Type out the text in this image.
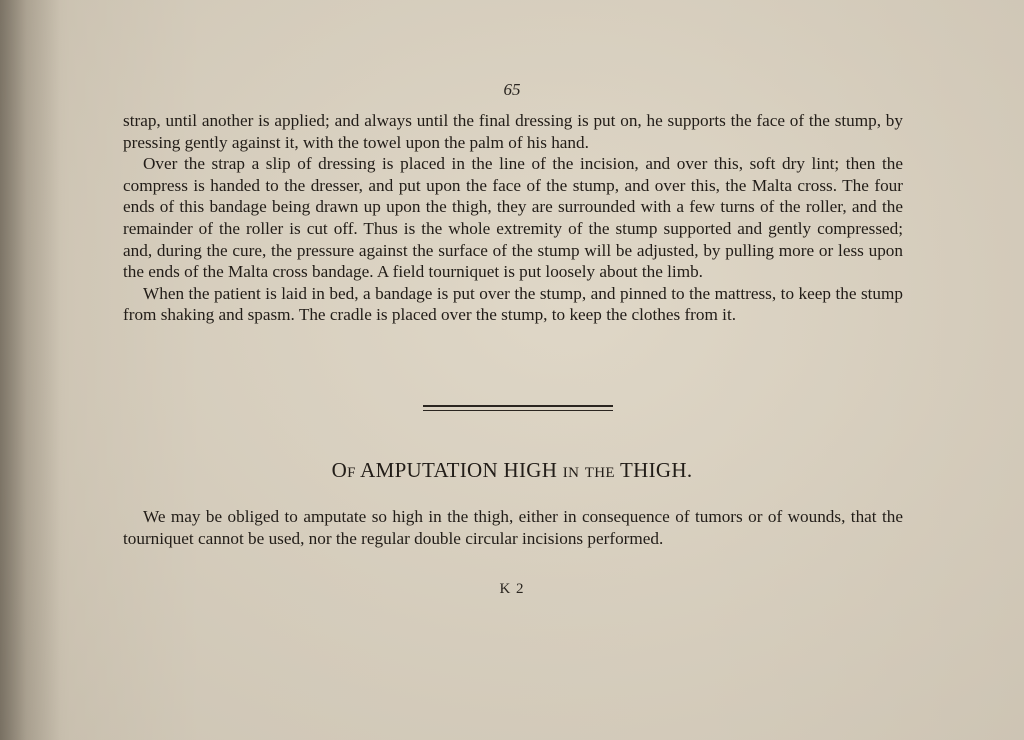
65

strap, until another is applied; and always until the final dressing is put on, he supports the face of the stump, by pressing gently against it, with the towel upon the palm of his hand.

Over the strap a slip of dressing is placed in the line of the incision, and over this, soft dry lint; then the compress is handed to the dresser, and put upon the face of the stump, and over this, the Malta cross. The four ends of this bandage being drawn up upon the thigh, they are surrounded with a few turns of the roller, and the remainder of the roller is cut off. Thus is the whole extremity of the stump supported and gently compressed; and, during the cure, the pressure against the surface of the stump will be adjusted, by pulling more or less upon the ends of the Malta cross bandage. A field tourniquet is put loosely about the limb.

When the patient is laid in bed, a bandage is put over the stump, and pinned to the mattress, to keep the stump from shaking and spasm. The cradle is placed over the stump, to keep the clothes from it.

Of AMPUTATION HIGH in the THIGH.

We may be obliged to amputate so high in the thigh, either in consequence of tumors or of wounds, that the tourniquet cannot be used, nor the regular double circular incisions performed.

K 2
